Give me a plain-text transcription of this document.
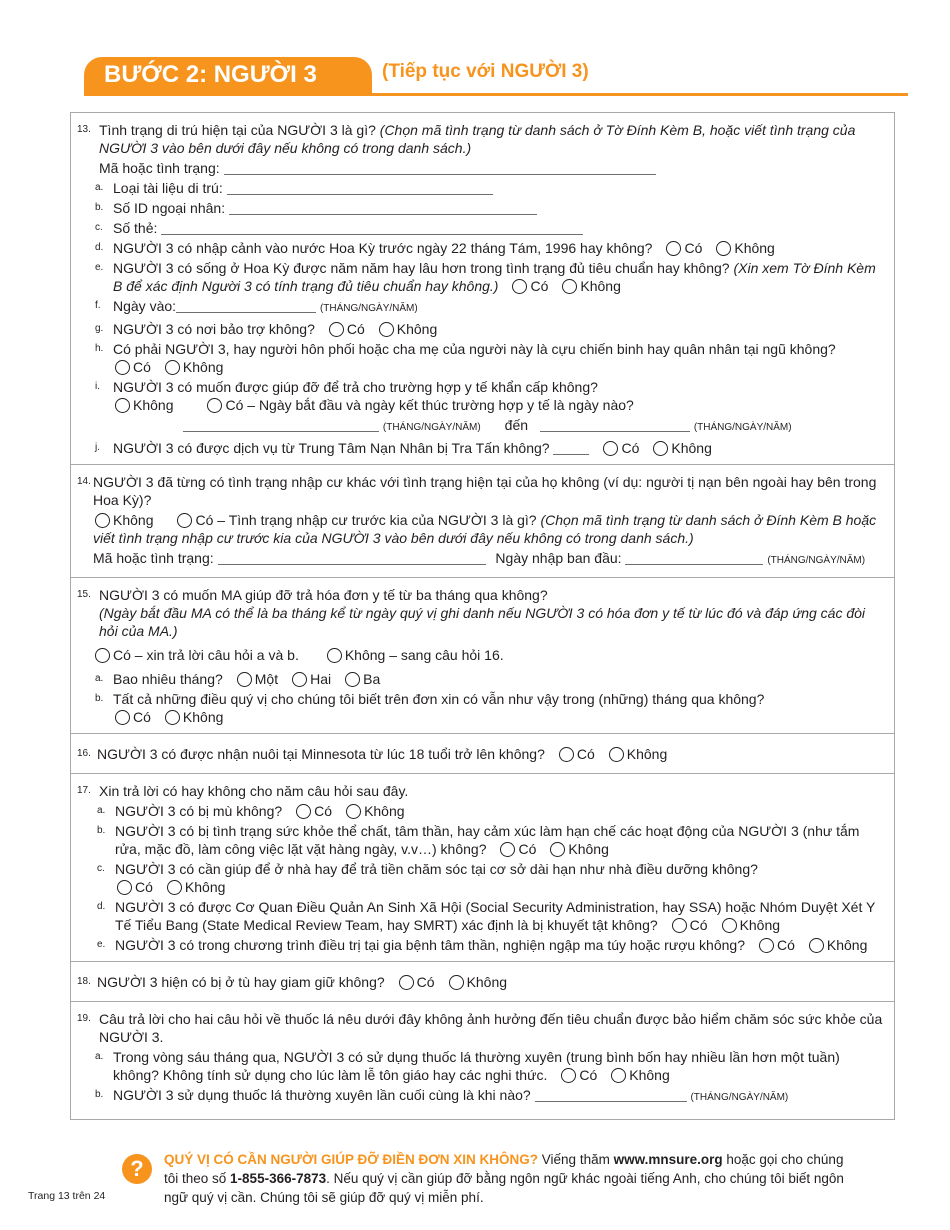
BƯỚC 2: NGƯỜI 3	(Tiếp tục với NGƯỜI 3)
13. Tình trạng di trú hiện tại của NGƯỜI 3 là gì? (Chọn mã tình trạng từ danh sách ở Tờ Đính Kèm B, hoặc viết tình trạng của NGƯỜI 3 vào bên dưới đây nếu không có trong danh sách.)
Mã hoặc tình trạng:
a. Loại tài liệu di trú:
b. Số ID ngoại nhân:
c. Số thẻ:
d. NGƯỜI 3 có nhập cảnh vào nước Hoa Kỳ trước ngày 22 tháng Tám, 1996 hay không? Có Không
e. NGƯỜI 3 có sống ở Hoa Kỳ được năm năm hay lâu hơn trong tình trạng đủ tiêu chuẩn hay không? (Xin xem Tờ Đính Kèm B để xác định Người 3 có tính trạng đủ tiêu chuẩn hay không.) Có Không
f. Ngày vào:	(THÁNG/NGÀY/NĂM)
g. NGƯỜI 3 có nơi bảo trợ không? Có Không
h. Có phải NGƯỜI 3, hay người hôn phối hoặc cha mẹ của người này là cựu chiến binh hay quân nhân tại ngũ không?
Có Không
i. NGƯỜI 3 có muốn được giúp đỡ để trả cho trường hợp y tế khẩn cấp không?
Không	Có – Ngày bắt đầu và ngày kết thúc trường hợp y tế là ngày nào?
(THÁNG/NGÀY/NĂM) đến	(THÁNG/NGÀY/NĂM)
j. NGƯỜI 3 có được dịch vụ từ Trung Tâm Nạn Nhân bị Tra Tấn không?	Có Không
14. NGƯỜI 3 đã từng có tình trạng nhập cư khác với tình trạng hiện tại của họ không (ví dụ: người tị nạn bên ngoài hay bên trong Hoa Kỳ)?
Không	Có – Tình trạng nhập cư trước kia của NGƯỜI 3 là gì? (Chọn mã tình trạng từ danh sách ở Đính Kèm B hoặc viết tình trạng nhập cư trước kia của NGƯỜI 3 vào bên dưới đây nếu không có trong danh sách.)
Mã hoặc tình trạng:	Ngày nhập ban đầu:	(THÁNG/NGÀY/NĂM)
15. NGƯỜI 3 có muốn MA giúp đỡ trả hóa đơn y tế từ ba tháng qua không?
(Ngày bắt đầu MA có thể là ba tháng kể từ ngày quý vị ghi danh nếu NGƯỜI 3 có hóa đơn y tế từ lúc đó và đáp ứng các đòi hỏi của MA.)
Có – xin trả lời câu hỏi a và b.	Không – sang câu hỏi 16.
a. Bao nhiêu tháng? Một Hai Ba
b. Tất cả những điều quý vị cho chúng tôi biết trên đơn xin có vẫn như vậy trong (những) tháng qua không?
Có Không
16. NGƯỜI 3 có được nhận nuôi tại Minnesota từ lúc 18 tuổi trở lên không? Có Không
17. Xin trả lời có hay không cho năm câu hỏi sau đây.
a. NGƯỜI 3 có bị mù không? Có Không
b. NGƯỜI 3 có bị tình trạng sức khỏe thể chất, tâm thần, hay cảm xúc làm hạn chế các hoạt động của NGƯỜI 3 (như tắm rửa, mặc đồ, làm công việc lặt vặt hàng ngày, v.v…) không? Có Không
c. NGƯỜI 3 có cần giúp để ở nhà hay để trả tiền chăm sóc tại cơ sở dài hạn như nhà điều dưỡng không?
Có Không
d. NGƯỜI 3 có được Cơ Quan Điều Quản An Sinh Xã Hội (Social Security Administration, hay SSA) hoặc Nhóm Duyệt Xét Y Tế Tiểu Bang (State Medical Review Team, hay SMRT) xác định là bị khuyết tật không? Có Không
e. NGƯỜI 3 có trong chương trình điều trị tại gia bệnh tâm thần, nghiện ngập ma túy hoặc rượu không? Có Không
18. NGƯỜI 3 hiện có bị ở tù hay giam giữ không? Có Không
19. Câu trả lời cho hai câu hỏi về thuốc lá nêu dưới đây không ảnh hưởng đến tiêu chuẩn được bảo hiểm chăm sóc sức khỏe của NGƯỜI 3.
a. Trong vòng sáu tháng qua, NGƯỜI 3 có sử dụng thuốc lá thường xuyên (trung bình bốn hay nhiều lần hơn một tuần) không? Không tính sử dụng cho lúc làm lễ tôn giáo hay các nghi thức. Có Không
b. NGƯỜI 3 sử dụng thuốc lá thường xuyên lần cuối cùng là khi nào?	(THÁNG/NGÀY/NĂM)
?	QUÝ VỊ CÓ CẦN NGƯỜI GIÚP ĐỠ ĐIỀN ĐƠN XIN KHÔNG? Viếng thăm www.mnsure.org hoặc gọi cho chúng tôi theo số 1-855-366-7873. Nếu quý vị cần giúp đỡ bằng ngôn ngữ khác ngoài tiếng Anh, cho chúng tôi biết ngôn ngữ quý vị cần. Chúng tôi sẽ giúp đỡ quý vị miễn phí.
Trang 13 trên 24
